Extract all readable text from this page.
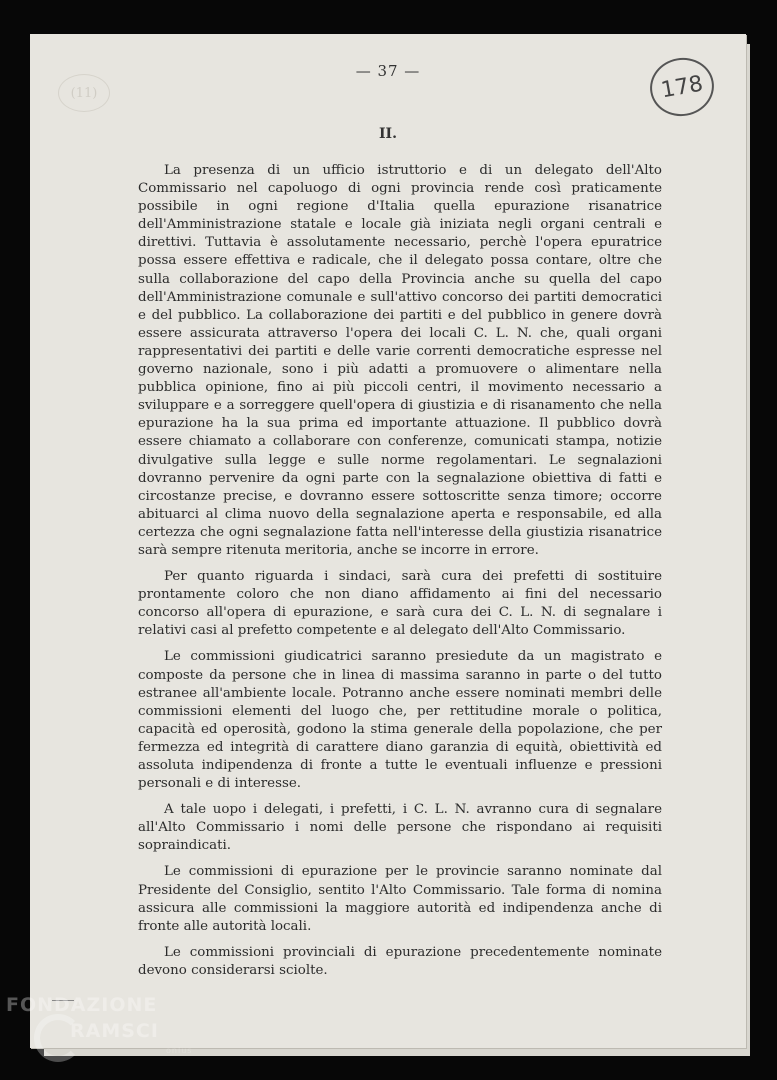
(11)
— 37 —
178
II.

La presenza di un ufficio istruttorio e di un delegato dell'Alto Commissario nel capoluogo di ogni provincia rende così praticamente possibile in ogni regione d'Italia quella epurazione risanatrice dell'Amministrazione statale e locale già iniziata negli organi centrali e direttivi. Tuttavia è assolutamente necessario, perchè l'opera epuratrice possa essere effettiva e radicale, che il delegato possa contare, oltre che sulla collaborazione del capo della Provincia anche su quella del capo dell'Amministrazione comunale e sull'attivo concorso dei partiti democratici e del pubblico. La collaborazione dei partiti e del pubblico in genere dovrà essere assicurata attraverso l'opera dei locali C. L. N. che, quali organi rappresentativi dei partiti e delle varie correnti democratiche espresse nel governo nazionale, sono i più adatti a promuovere o alimentare nella pubblica opinione, fino ai più piccoli centri, il movimento necessario a sviluppare e a sorreggere quell'opera di giustizia e di risanamento che nella epurazione ha la sua prima ed importante attuazione. Il pubblico dovrà essere chiamato a collaborare con conferenze, comunicati stampa, notizie divulgative sulla legge e sulle norme regolamentari. Le segnalazioni dovranno pervenire da ogni parte con la segnalazione obiettiva di fatti e circostanze precise, e dovranno essere sottoscritte senza timore; occorre abituarci al clima nuovo della segnalazione aperta e responsabile, ed alla certezza che ogni segnalazione fatta nell'interesse della giustizia risanatrice sarà sempre ritenuta meritoria, anche se incorre in errore.

Per quanto riguarda i sindaci, sarà cura dei prefetti di sostituire prontamente coloro che non diano affidamento ai fini del necessario concorso all'opera di epurazione, e sarà cura dei C. L. N. di segnalare i relativi casi al prefetto competente e al delegato dell'Alto Commissario.

Le commissioni giudicatrici saranno presiedute da un magistrato e composte da persone che in linea di massima saranno in parte o del tutto estranee all'ambiente locale. Potranno anche essere nominati membri delle commissioni elementi del luogo che, per rettitudine morale o politica, capacità ed operosità, godono la stima generale della popolazione, che per fermezza ed integrità di carattere diano garanzia di equità, obiettività ed assoluta indipendenza di fronte a tutte le eventuali influenze e pressioni personali e di interesse.

A tale uopo i delegati, i prefetti, i C. L. N. avranno cura di segnalare all'Alto Commissario i nomi delle persone che rispondano ai requisiti sopraindicati.

Le commissioni di epurazione per le provincie saranno nominate dal Presidente del Consiglio, sentito l'Alto Commissario. Tale forma di nomina assicura alle commissioni la maggiore autorità ed indipendenza anche di fronte alle autorità locali.

Le commissioni provinciali di epurazione precedentemente nominate devono considerarsi sciolte.

FONDAZIONE
RAMSCI
onlus
